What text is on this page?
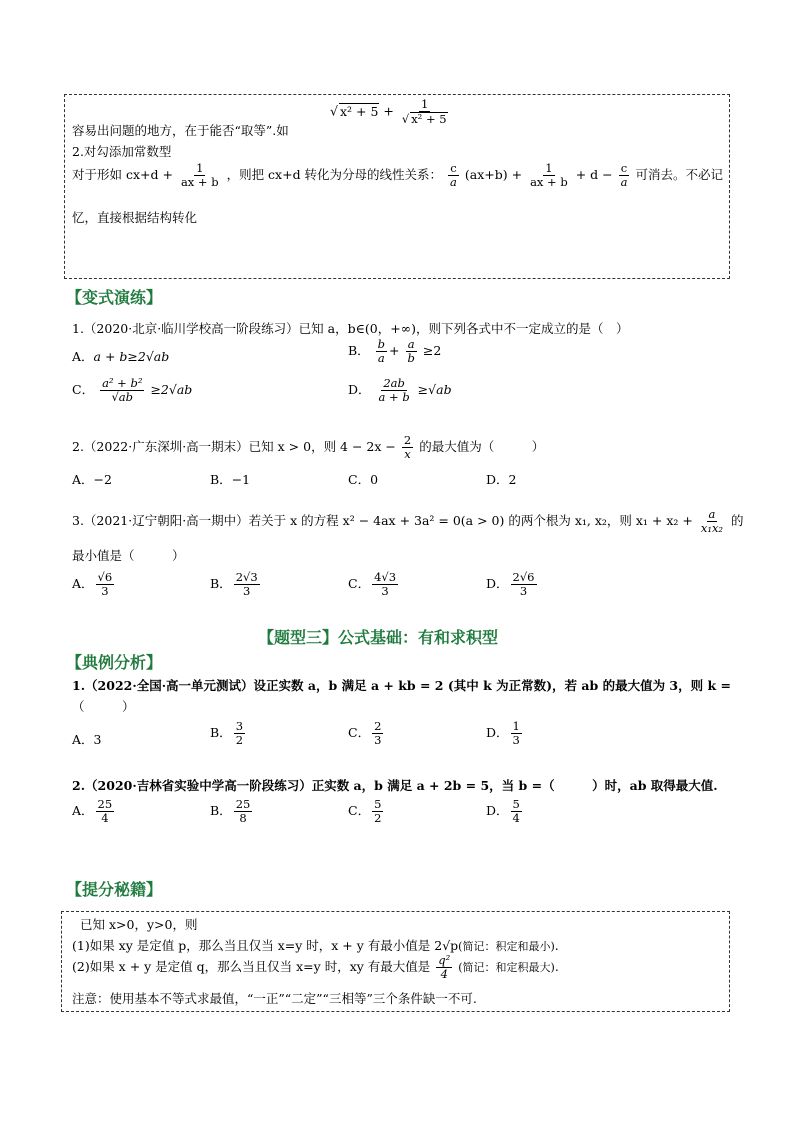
容易出问题的地方，在于能否“取等”.如
√ $x^2 + 5 + \frac{1}{\text{√ x² + 5}}$
2.对勾添加常数型
对于形如 $cx+d + \frac{1}{ax + b}$ ，则把 cx+d 转化为分母的线性关系： $\frac{c}{a} (ax+b) + \frac{1}{ax + b} + d - \frac{c}{a}$ 可消去。不必记
忆，直接根据结构转化
【变式演练】
1.（2020·北京·临川学校高一阶段练习）已知 a，b∈(0，+∞)，则下列各式中不一定成立的是（　）
A．a + b≥2√ab	B． $\frac{b}{a} + \frac{a}{b} \ge 2$
C． $\frac{\text{a² + b²}}{√ab} \ge 2√ab$	D． $\frac{2ab}{a + b} \ge√ab$
2.（2022·广东深圳·高一期末）已知 x > 0，则 $4 - 2x - \frac{2}{x}$ 的最大值为（　　　）
A．−2	B．−1	C．0	D．2
3.（2021·辽宁朝阳·高一期中）若关于 x 的方程 x² − 4ax + 3a² = 0(a > 0) 的两个根为 x₁, x₂，则 $x_1 + x_2 + \frac{a}{\text{x₁x₂}}$ 的
最小值是（　　　）
A． $\frac{√6}{3}$	B． $\frac{2√3}{3}$	C． $\frac{4√3}{3}$	D． $\frac{2√6}{3}$
【题型三】公式基础：有和求积型
【典例分析】
1.（2022·全国·高一单元测试）设正实数 a，b 满足 a + kb = 2 (其中 k 为正常数)，若 ab 的最大值为 3，则 k =
（　　　）
A．3	B． $\frac{3}{2}$	C． $\frac{2}{3}$	D． $\frac{1}{3}$
2.（2020·吉林省实验中学高一阶段练习）正实数 a，b 满足 a + 2b = 5，当 b =（　　　）时，ab 取得最大值.
A． $\frac{25}{4}$	B． $\frac{25}{8}$	C． $\frac{5}{2}$	D． $\frac{5}{4}$
【提分秘籍】
已知 x>0，y>0，则
(1)如果 xy 是定值 p，那么当且仅当 x=y 时，x + y 有最小值是 2√p(简记：积定和最小).
(2)如果 x + y 是定值 q，那么当且仅当 x=y 时，xy 有最大值是 $\frac{\text{q²}}{4}$ (简记：和定积最大).
注意：使用基本不等式求最值，“一正”“二定”“三相等”三个条件缺一不可.
